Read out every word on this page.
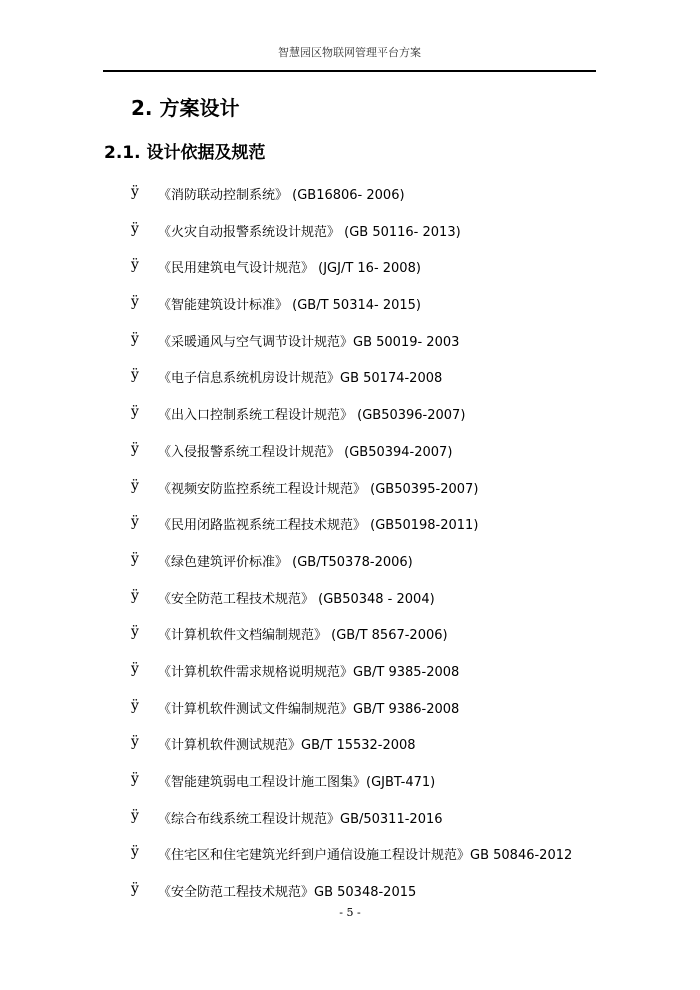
智慧园区物联网管理平台方案
2. 方案设计
2.1. 设计依据及规范
ÿ 《消防联动控制系统》 (GB16806- 2006)
ÿ 《火灾自动报警系统设计规范》 (GB 50116- 2013)
ÿ 《民用建筑电气设计规范》 (JGJ/T 16- 2008)
ÿ 《智能建筑设计标准》 (GB/T 50314- 2015)
ÿ 《采暖通风与空气调节设计规范》GB 50019- 2003
ÿ 《电子信息系统机房设计规范》GB 50174-2008
ÿ 《出入口控制系统工程设计规范》 (GB50396-2007)
ÿ 《入侵报警系统工程设计规范》 (GB50394-2007)
ÿ 《视频安防监控系统工程设计规范》 (GB50395-2007)
ÿ 《民用闭路监视系统工程技术规范》 (GB50198-2011)
ÿ 《绿色建筑评价标准》 (GB/T50378-2006)
ÿ 《安全防范工程技术规范》 (GB50348 - 2004)
ÿ 《计算机软件文档编制规范》 (GB/T 8567-2006)
ÿ 《计算机软件需求规格说明规范》GB/T 9385-2008
ÿ 《计算机软件测试文件编制规范》GB/T 9386-2008
ÿ 《计算机软件测试规范》GB/T 15532-2008
ÿ 《智能建筑弱电工程设计施工图集》(GJBT-471)
ÿ 《综合布线系统工程设计规范》GB/50311-2016
ÿ 《住宅区和住宅建筑光纤到户通信设施工程设计规范》GB 50846-2012
ÿ 《安全防范工程技术规范》GB 50348-2015
- 5 -
